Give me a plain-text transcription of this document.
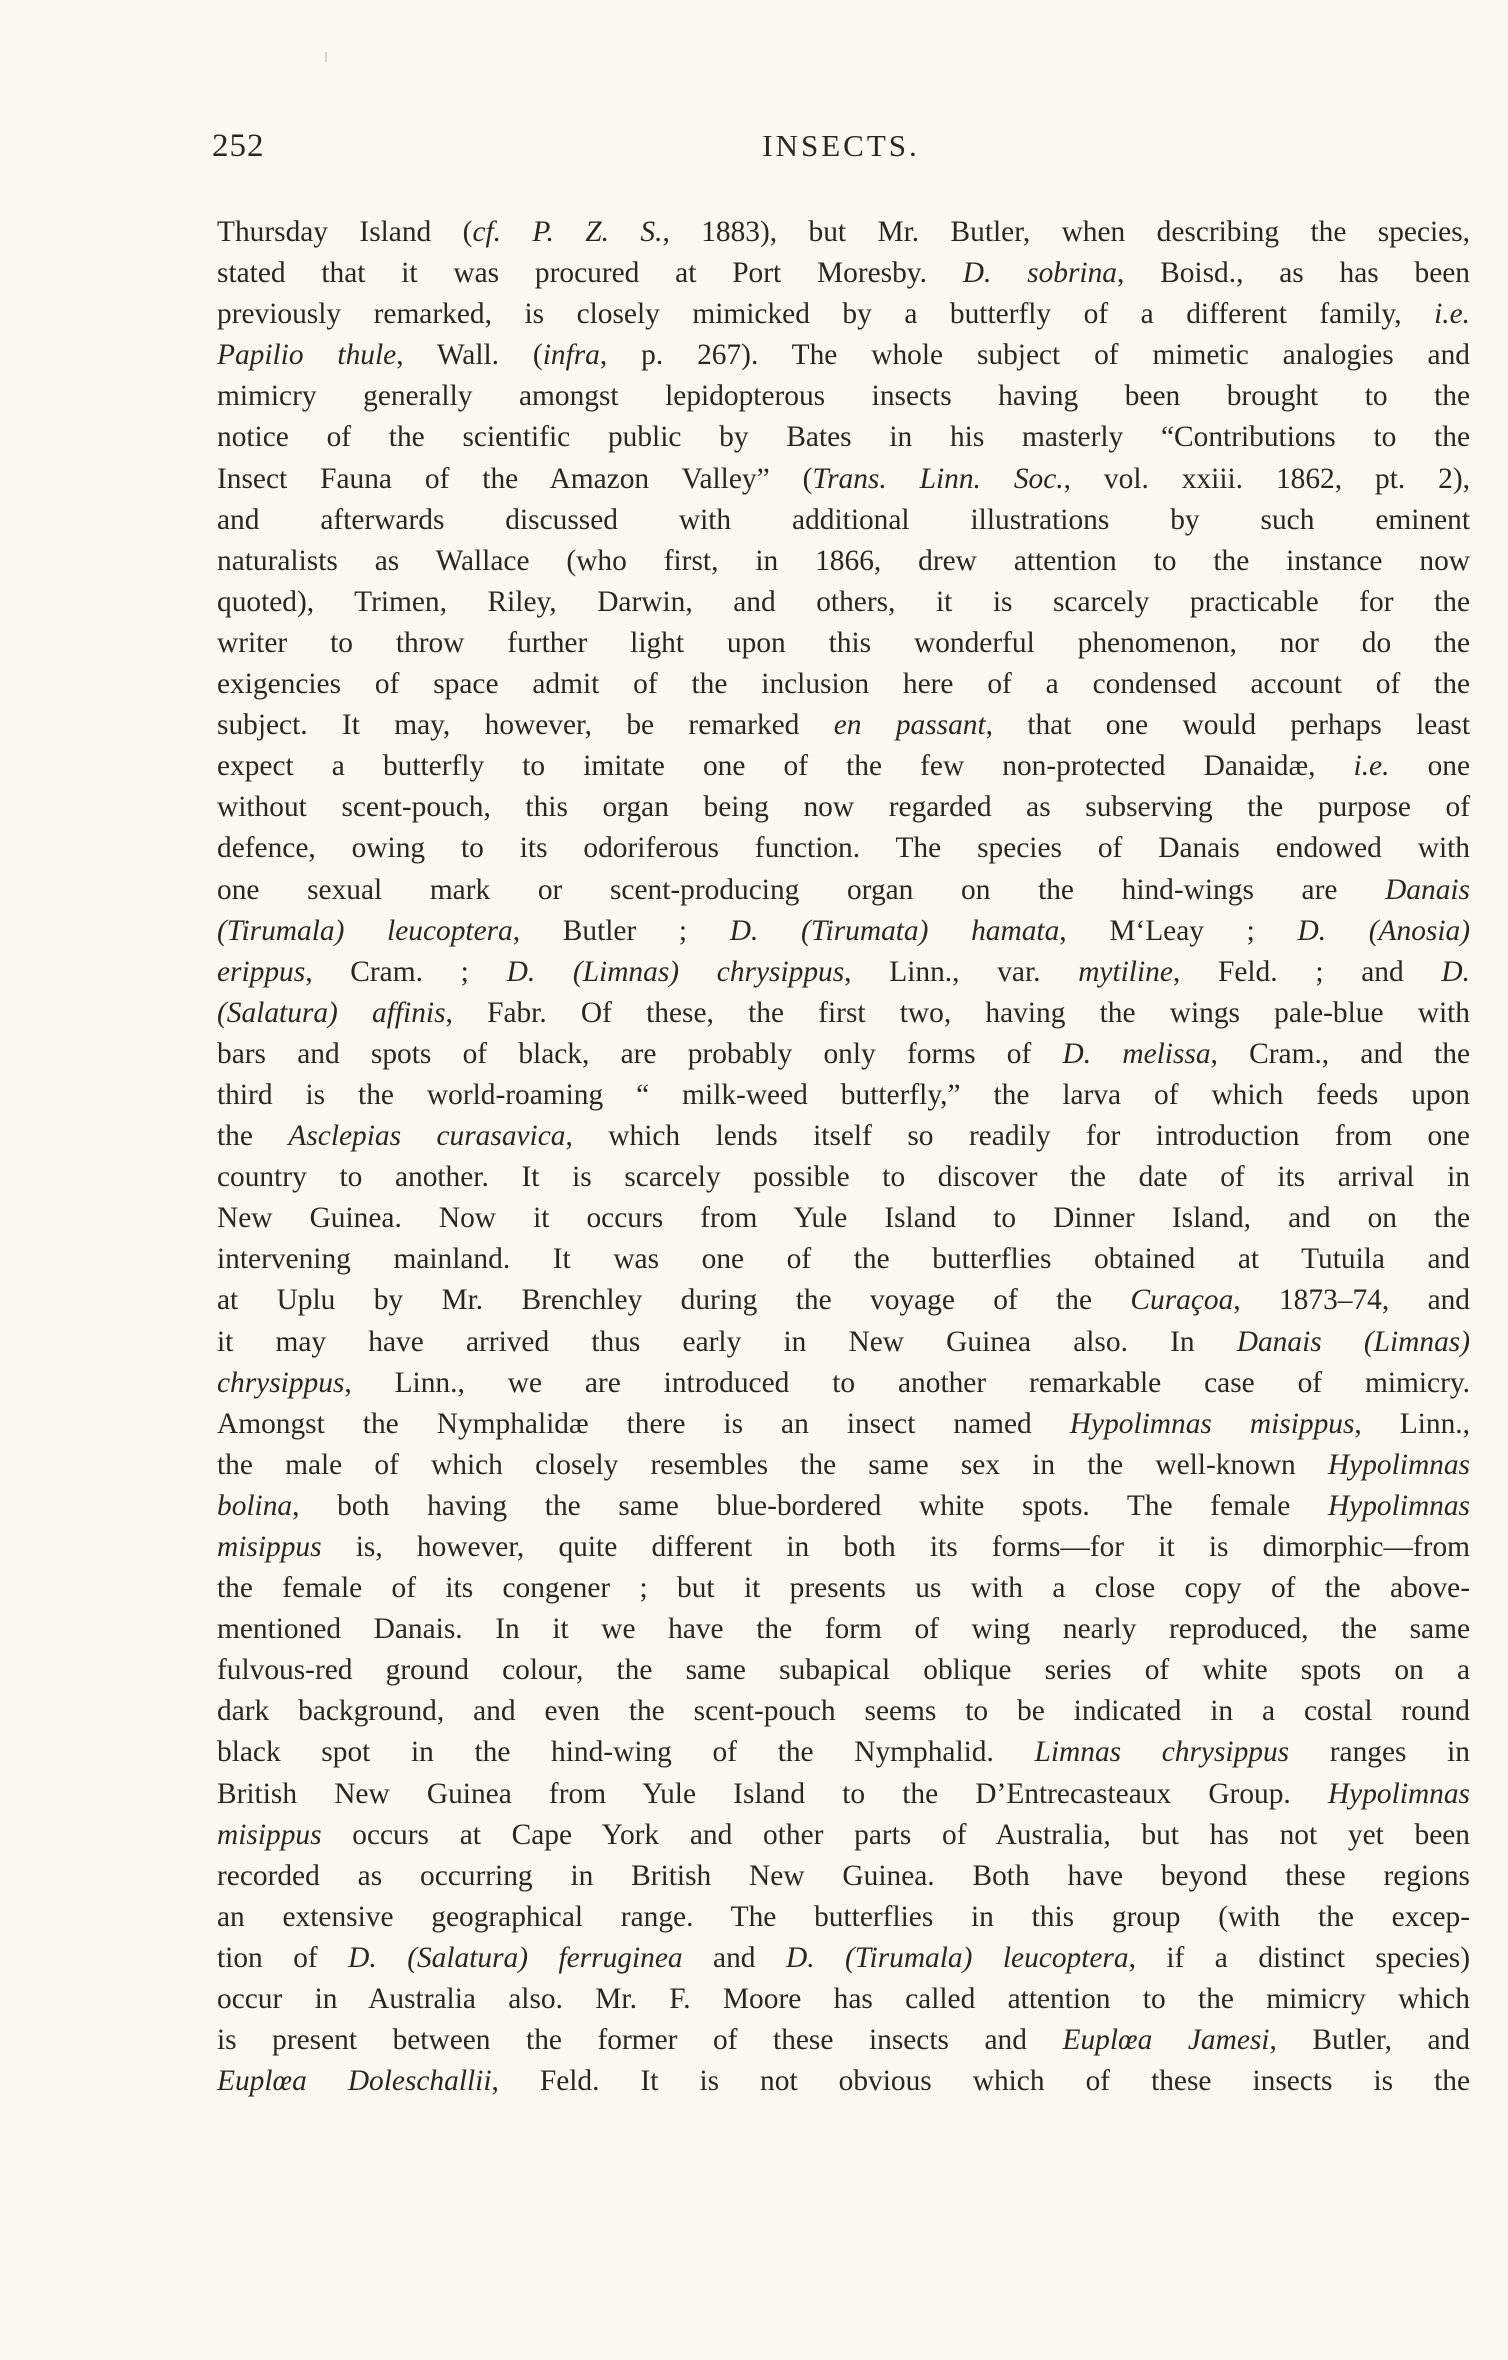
252	INSECTS.
Thursday Island (cf. P. Z. S., 1883), but Mr. Butler, when describing the species,
stated that it was procured at Port Moresby. D. sobrina, Boisd., as has been
previously remarked, is closely mimicked by a butterfly of a different family, i.e.
Papilio thule, Wall. (infra, p. 267). The whole subject of mimetic analogies and
mimicry generally amongst lepidopterous insects having been brought to the
notice of the scientific public by Bates in his masterly “Contributions to the
Insect Fauna of the Amazon Valley” (Trans. Linn. Soc., vol. xxiii. 1862, pt. 2),
and afterwards discussed with additional illustrations by such eminent
naturalists as Wallace (who first, in 1866, drew attention to the instance now
quoted), Trimen, Riley, Darwin, and others, it is scarcely practicable for the
writer to throw further light upon this wonderful phenomenon, nor do the
exigencies of space admit of the inclusion here of a condensed account of the
subject. It may, however, be remarked en passant, that one would perhaps least
expect a butterfly to imitate one of the few non-protected Danaidæ, i.e. one
without scent-pouch, this organ being now regarded as subserving the purpose of
defence, owing to its odoriferous function. The species of Danais endowed with
one sexual mark or scent-producing organ on the hind-wings are Danais
(Tirumala) leucoptera, Butler ; D. (Tirumata) hamata, M‘Leay ; D. (Anosia)
erippus, Cram. ; D. (Limnas) chrysippus, Linn., var. mytiline, Feld. ; and D.
(Salatura) affinis, Fabr. Of these, the first two, having the wings pale-blue with
bars and spots of black, are probably only forms of D. melissa, Cram., and the
third is the world-roaming “ milk-weed butterfly,” the larva of which feeds upon
the Asclepias curasavica, which lends itself so readily for introduction from one
country to another. It is scarcely possible to discover the date of its arrival in
New Guinea. Now it occurs from Yule Island to Dinner Island, and on the
intervening mainland. It was one of the butterflies obtained at Tutuila and
at Uplu by Mr. Brenchley during the voyage of the Curaçoa, 1873–74, and
it may have arrived thus early in New Guinea also. In Danais (Limnas)
chrysippus, Linn., we are introduced to another remarkable case of mimicry.
Amongst the Nymphalidæ there is an insect named Hypolimnas misippus, Linn.,
the male of which closely resembles the same sex in the well-known Hypolimnas
bolina, both having the same blue-bordered white spots. The female Hypolimnas
misippus is, however, quite different in both its forms—for it is dimorphic—from
the female of its congener ; but it presents us with a close copy of the above-
mentioned Danais. In it we have the form of wing nearly reproduced, the same
fulvous-red ground colour, the same subapical oblique series of white spots on a
dark background, and even the scent-pouch seems to be indicated in a costal round
black spot in the hind-wing of the Nymphalid. Limnas chrysippus ranges in
British New Guinea from Yule Island to the D’Entrecasteaux Group. Hypolimnas
misippus occurs at Cape York and other parts of Australia, but has not yet been
recorded as occurring in British New Guinea. Both have beyond these regions
an extensive geographical range. The butterflies in this group (with the excep-
tion of D. (Salatura) ferruginea and D. (Tirumala) leucoptera, if a distinct species)
occur in Australia also. Mr. F. Moore has called attention to the mimicry which
is present between the former of these insects and Euplœa Jamesi, Butler, and
Euplœa Doleschallii, Feld. It is not obvious which of these insects is the
